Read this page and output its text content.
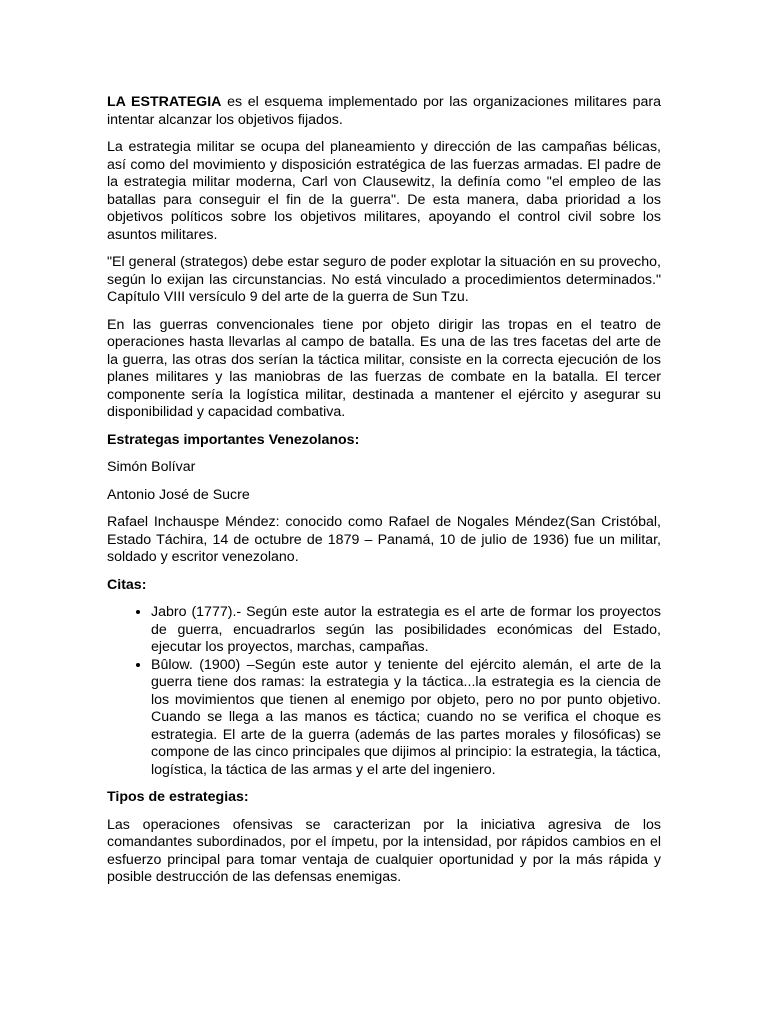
LA ESTRATEGIA es el esquema implementado por las organizaciones militares para intentar alcanzar los objetivos fijados.

La estrategia militar se ocupa del planeamiento y dirección de las campañas bélicas, así como del movimiento y disposición estratégica de las fuerzas armadas. El padre de la estrategia militar moderna, Carl von Clausewitz, la definía como "el empleo de las batallas para conseguir el fin de la guerra". De esta manera, daba prioridad a los objetivos políticos sobre los objetivos militares, apoyando el control civil sobre los asuntos militares.

"El general (strategos) debe estar seguro de poder explotar la situación en su provecho, según lo exijan las circunstancias. No está vinculado a procedimientos determinados." Capítulo VIII versículo 9 del arte de la guerra de Sun Tzu.

En las guerras convencionales tiene por objeto dirigir las tropas en el teatro de operaciones hasta llevarlas al campo de batalla. Es una de las tres facetas del arte de la guerra, las otras dos serían la táctica militar, consiste en la correcta ejecución de los planes militares y las maniobras de las fuerzas de combate en la batalla. El tercer componente sería la logística militar, destinada a mantener el ejército y asegurar su disponibilidad y capacidad combativa.

Estrategas importantes Venezolanos:

Simón Bolívar

Antonio José de Sucre

Rafael Inchauspe Méndez: conocido como Rafael de Nogales Méndez(San Cristóbal, Estado Táchira, 14 de octubre de 1879 – Panamá, 10 de julio de 1936) fue un militar, soldado y escritor venezolano.

Citas:
• Jabro (1777).- Según este autor la estrategia es el arte de formar los proyectos de guerra, encuadrarlos según las posibilidades económicas del Estado, ejecutar los proyectos, marchas, campañas.
• Bûlow. (1900) –Según este autor y teniente del ejército alemán, el arte de la guerra tiene dos ramas: la estrategia y la táctica...la estrategia es la ciencia de los movimientos que tienen al enemigo por objeto, pero no por punto objetivo. Cuando se llega a las manos es táctica; cuando no se verifica el choque es estrategia. El arte de la guerra (además de las partes morales y filosóficas) se compone de las cinco principales que dijimos al principio: la estrategia, la táctica, logística, la táctica de las armas y el arte del ingeniero.
Tipos de estrategias:

Las operaciones ofensivas se caracterizan por la iniciativa agresiva de los comandantes subordinados, por el ímpetu, por la intensidad, por rápidos cambios en el esfuerzo principal para tomar ventaja de cualquier oportunidad y por la más rápida y posible destrucción de las defensas enemigas.
